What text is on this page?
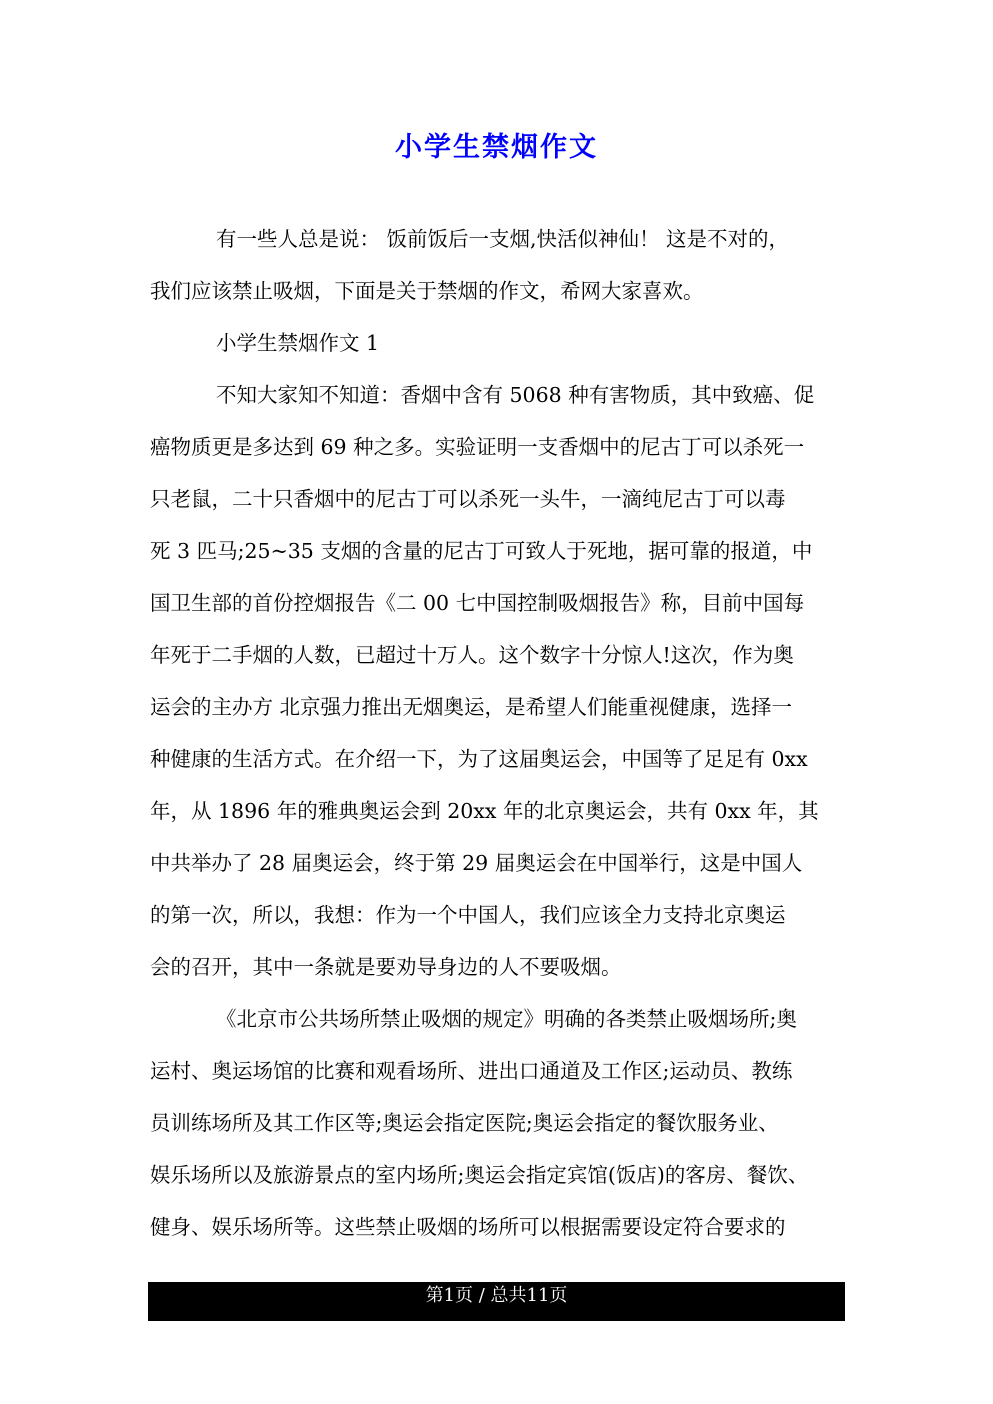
小学生禁烟作文
有一些人总是说： 饭前饭后一支烟,快活似神仙！ 这是不对的，
我们应该禁止吸烟，下面是关于禁烟的作文，希网大家喜欢。
小学生禁烟作文 1
不知大家知不知道：香烟中含有 5068 种有害物质，其中致癌、促
癌物质更是多达到 69 种之多。实验证明一支香烟中的尼古丁可以杀死一
只老鼠，二十只香烟中的尼古丁可以杀死一头牛，一滴纯尼古丁可以毒
死 3 匹马;25~35 支烟的含量的尼古丁可致人于死地，据可靠的报道，中
国卫生部的首份控烟报告《二 00 七中国控制吸烟报告》称，目前中国每
年死于二手烟的人数，已超过十万人。这个数字十分惊人!这次，作为奥
运会的主办方 北京强力推出无烟奥运，是希望人们能重视健康，选择一
种健康的生活方式。在介绍一下，为了这届奥运会，中国等了足足有 0xx
年，从 1896 年的雅典奥运会到 20xx 年的北京奥运会，共有 0xx 年，其
中共举办了 28 届奥运会，终于第 29 届奥运会在中国举行，这是中国人
的第一次，所以，我想：作为一个中国人，我们应该全力支持北京奥运
会的召开，其中一条就是要劝导身边的人不要吸烟。
《北京市公共场所禁止吸烟的规定》明确的各类禁止吸烟场所;奥
运村、奥运场馆的比赛和观看场所、进出口通道及工作区;运动员、教练
员训练场所及其工作区等;奥运会指定医院;奥运会指定的餐饮服务业、
娱乐场所以及旅游景点的室内场所;奥运会指定宾馆(饭店)的客房、餐饮、
健身、娱乐场所等。这些禁止吸烟的场所可以根据需要设定符合要求的
第1页 / 总共11页
